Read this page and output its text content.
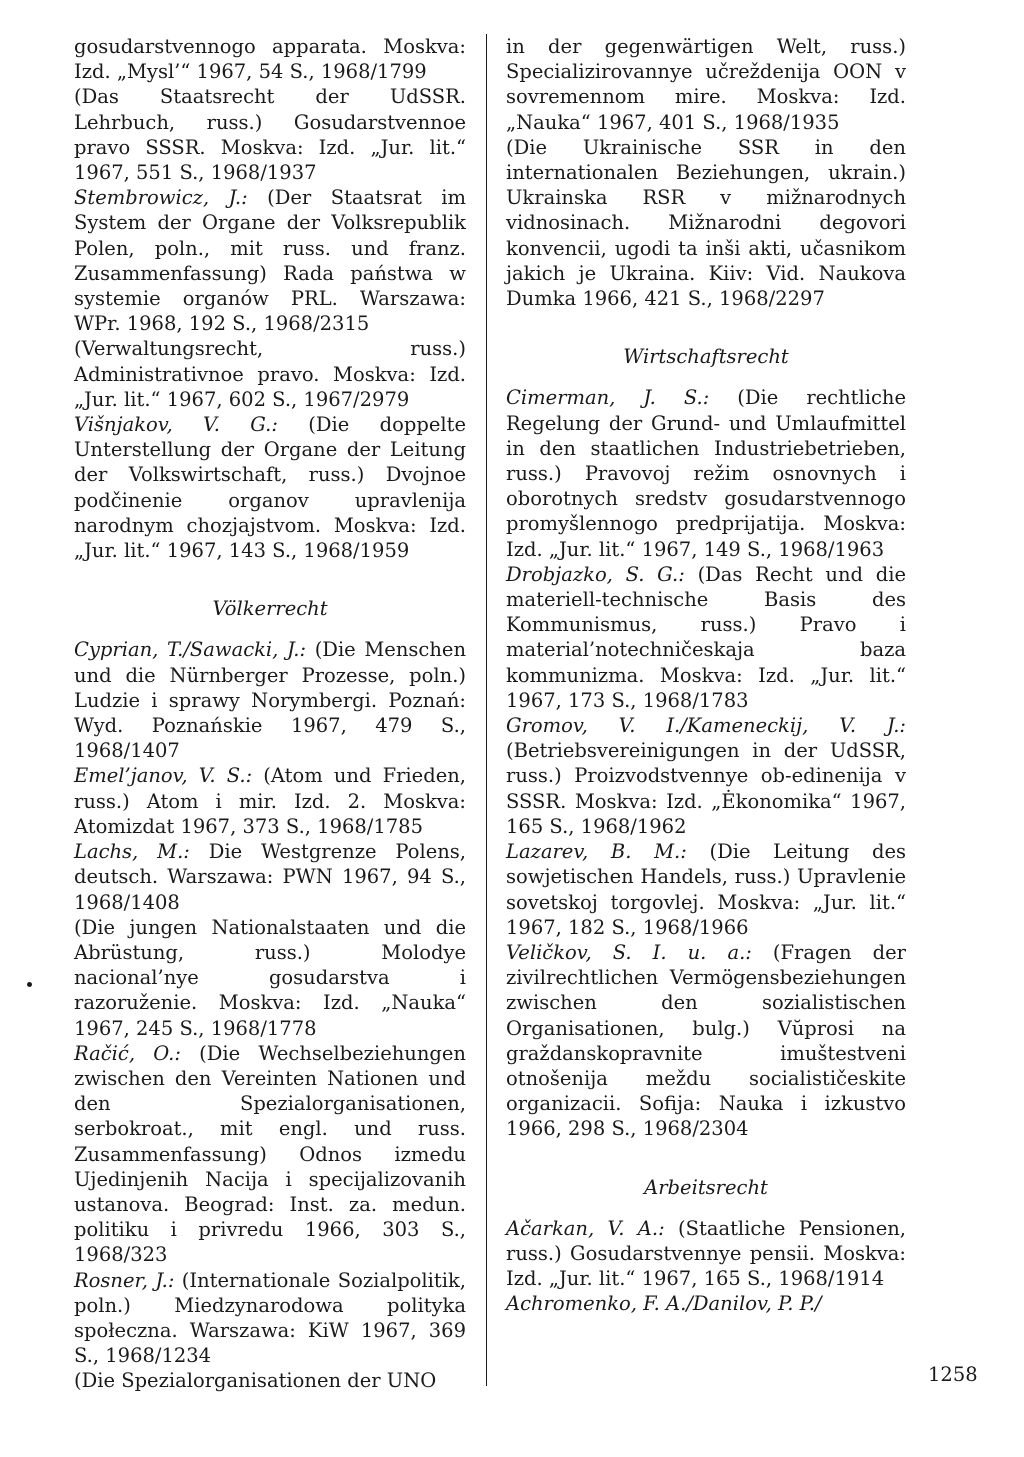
gosudarstvennogo apparata. Moskva: Izd. „Mysl’“ 1967, 54 S., 1968/1799
(Das Staatsrecht der UdSSR. Lehrbuch, russ.) Gosudarstvennoe pravo SSSR. Moskva: Izd. „Jur. lit.“ 1967, 551 S., 1968/1937
Stembrowicz, J.: (Der Staatsrat im System der Organe der Volksrepublik Polen, poln., mit russ. und franz. Zusammenfassung) Rada państwa w systemie organów PRL. Warszawa: WPr. 1968, 192 S., 1968/2315
(Verwaltungsrecht, russ.) Administrativnoe pravo. Moskva: Izd. „Jur. lit.“ 1967, 602 S., 1967/2979
Višnjakov, V. G.: (Die doppelte Unterstellung der Organe der Leitung der Volkswirtschaft, russ.) Dvojnoe podčinenie organov upravlenija narodnym chozjajstvom. Moskva: Izd. „Jur. lit.“ 1967, 143 S., 1968/1959
Völkerrecht
Cyprian, T./Sawacki, J.: (Die Menschen und die Nürnberger Prozesse, poln.) Ludzie i sprawy Norymbergi. Poznań: Wyd. Poznańskie 1967, 479 S., 1968/1407
Emel’janov, V. S.: (Atom und Frieden, russ.) Atom i mir. Izd. 2. Moskva: Atomizdat 1967, 373 S., 1968/1785
Lachs, M.: Die Westgrenze Polens, deutsch. Warszawa: PWN 1967, 94 S., 1968/1408
(Die jungen Nationalstaaten und die Abrüstung, russ.) Molodye nacional’nye gosudarstva i razoruženie. Moskva: Izd. „Nauka“ 1967, 245 S., 1968/1778
Račić, O.: (Die Wechselbeziehungen zwischen den Vereinten Nationen und den Spezialorganisationen, serbokroat., mit engl. und russ. Zusammenfassung) Odnos izmedu Ujedinjenih Nacija i specijalizovanih ustanova. Beograd: Inst. za. medun. politiku i privredu 1966, 303 S., 1968/323
Rosner, J.: (Internationale Sozialpolitik, poln.) Miedzynarodowa polityka społeczna. Warszawa: KiW 1967, 369 S., 1968/1234
(Die Spezialorganisationen der UNO
in der gegenwärtigen Welt, russ.) Specializirovannye učreždenija OON v sovremennom mire. Moskva: Izd. „Nauka“ 1967, 401 S., 1968/1935
(Die Ukrainische SSR in den internationalen Beziehungen, ukrain.) Ukrainska RSR v mižnarodnych vidnosinach. Mižnarodni degovori konvencii, ugodi ta inši akti, učasnikom jakich je Ukraina. Kiiv: Vid. Naukova Dumka 1966, 421 S., 1968/2297
Wirtschaftsrecht
Cimerman, J. S.: (Die rechtliche Regelung der Grund- und Umlaufmittel in den staatlichen Industriebetrieben, russ.) Pravovoj režim osnovnych i oborotnych sredstv gosudarstvennogo promyšlennogo predprijatija. Moskva: Izd. „Jur. lit.“ 1967, 149 S., 1968/1963
Drobjazko, S. G.: (Das Recht und die materiell-technische Basis des Kommunismus, russ.) Pravo i material’notechničeskaja baza kommunizma. Moskva: Izd. „Jur. lit.“ 1967, 173 S., 1968/1783
Gromov, V. I./Kameneckij, V. J.: (Betriebsvereinigungen in der UdSSR, russ.) Proizvodstvennye ob-edinenija v SSSR. Moskva: Izd. „Ėkonomika“ 1967, 165 S., 1968/1962
Lazarev, B. M.: (Die Leitung des sowjetischen Handels, russ.) Upravlenie sovetskoj torgovlej. Moskva: „Jur. lit.“ 1967, 182 S., 1968/1966
Veličkov, S. I. u. a.: (Fragen der zivilrechtlichen Vermögensbeziehungen zwischen den sozialistischen Organisationen, bulg.) Vŭprosi na graždanskopravnite imuštestveni otnošenija meždu socialističeskite organizacii. Sofija: Nauka i izkustvo 1966, 298 S., 1968/2304
Arbeitsrecht
Ačarkan, V. A.: (Staatliche Pensionen, russ.) Gosudarstvennye pensii. Moskva: Izd. „Jur. lit.“ 1967, 165 S., 1968/1914
Achromenko, F. A./Danilov, P. P./
1258
